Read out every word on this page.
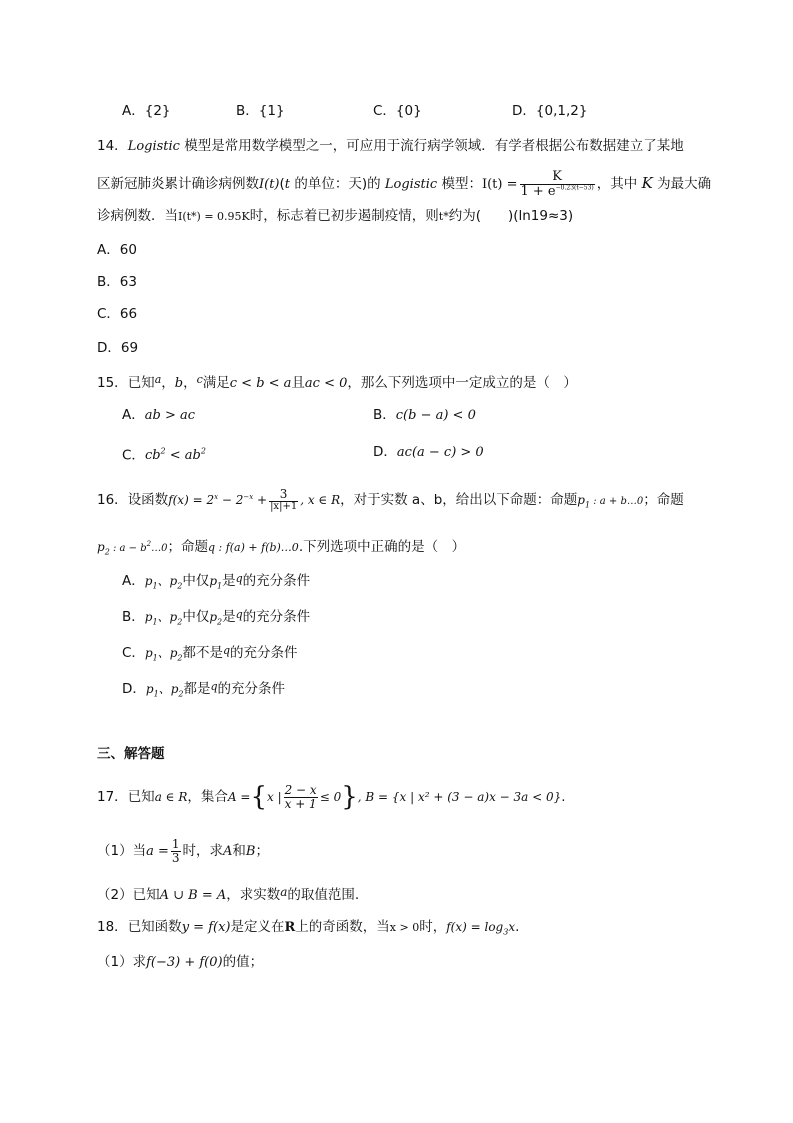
A．{2}	B．{1}	C．{0}	D．{0,1,2}
14．Logistic 模型是常用数学模型之一，可应用于流行病学领域．有学者根据公布数据建立了某地
区新冠肺炎累计确诊病例数I(t)(t 的单位：天)的 Logistic 模型：$I(t) = \frac{K}{1 + e^{-0.23(t-53)}}$ ，其中 K 为最大确
诊病例数．当I(t*) = 0.95K时，标志着已初步遏制疫情，则t*约为(　　)(ln19≈3)
A．60
B．63
C．66
D．69
15．已知$^a$，b，$^c$满足c < b < a且ac < 0，那么下列选项中一定成立的是（　）
A．ab > ac	B．c(b − a) < 0
C．$cb^2 < ab^2$	D．ac(a − c) > 0
16．设函数$f(x) = 2^x - 2^{-x} + \frac{3}{|x|+1}$ , x ∈ R，对于实数 a、b，给出以下命题：命题$p_1$ : a + b…0；命题
$p_2$ : $a - b^2\dots 0$；命题q : f(a) + f(b)…0.下列选项中正确的是（　）
A．$p_1$、$p_2$中仅$p_1$是$^q$的充分条件
B．$p_1$、$p_2$中仅$p_2$是$^q$的充分条件
C．$p_1$、$p_2$都不是$^q$的充分条件
D．$p_1$、$p_2$都是$^q$的充分条件
三、解答题
17．已知a ∈ R，集合A ={x | $\frac{2 - x}{x + 1} \le 0$}, B = {x | x² + (3 − a)x − 3a < 0}.
（1）当$a = \frac{1}{3}$ 时，求A和B；
（2）已知A ∪ B = A，求实数a的取值范围.
18．已知函数y = f(x)是定义在R上的奇函数，当x > 0时，$f(x) = \log_3x$.
（1）求f(−3) + f(0)的值；
